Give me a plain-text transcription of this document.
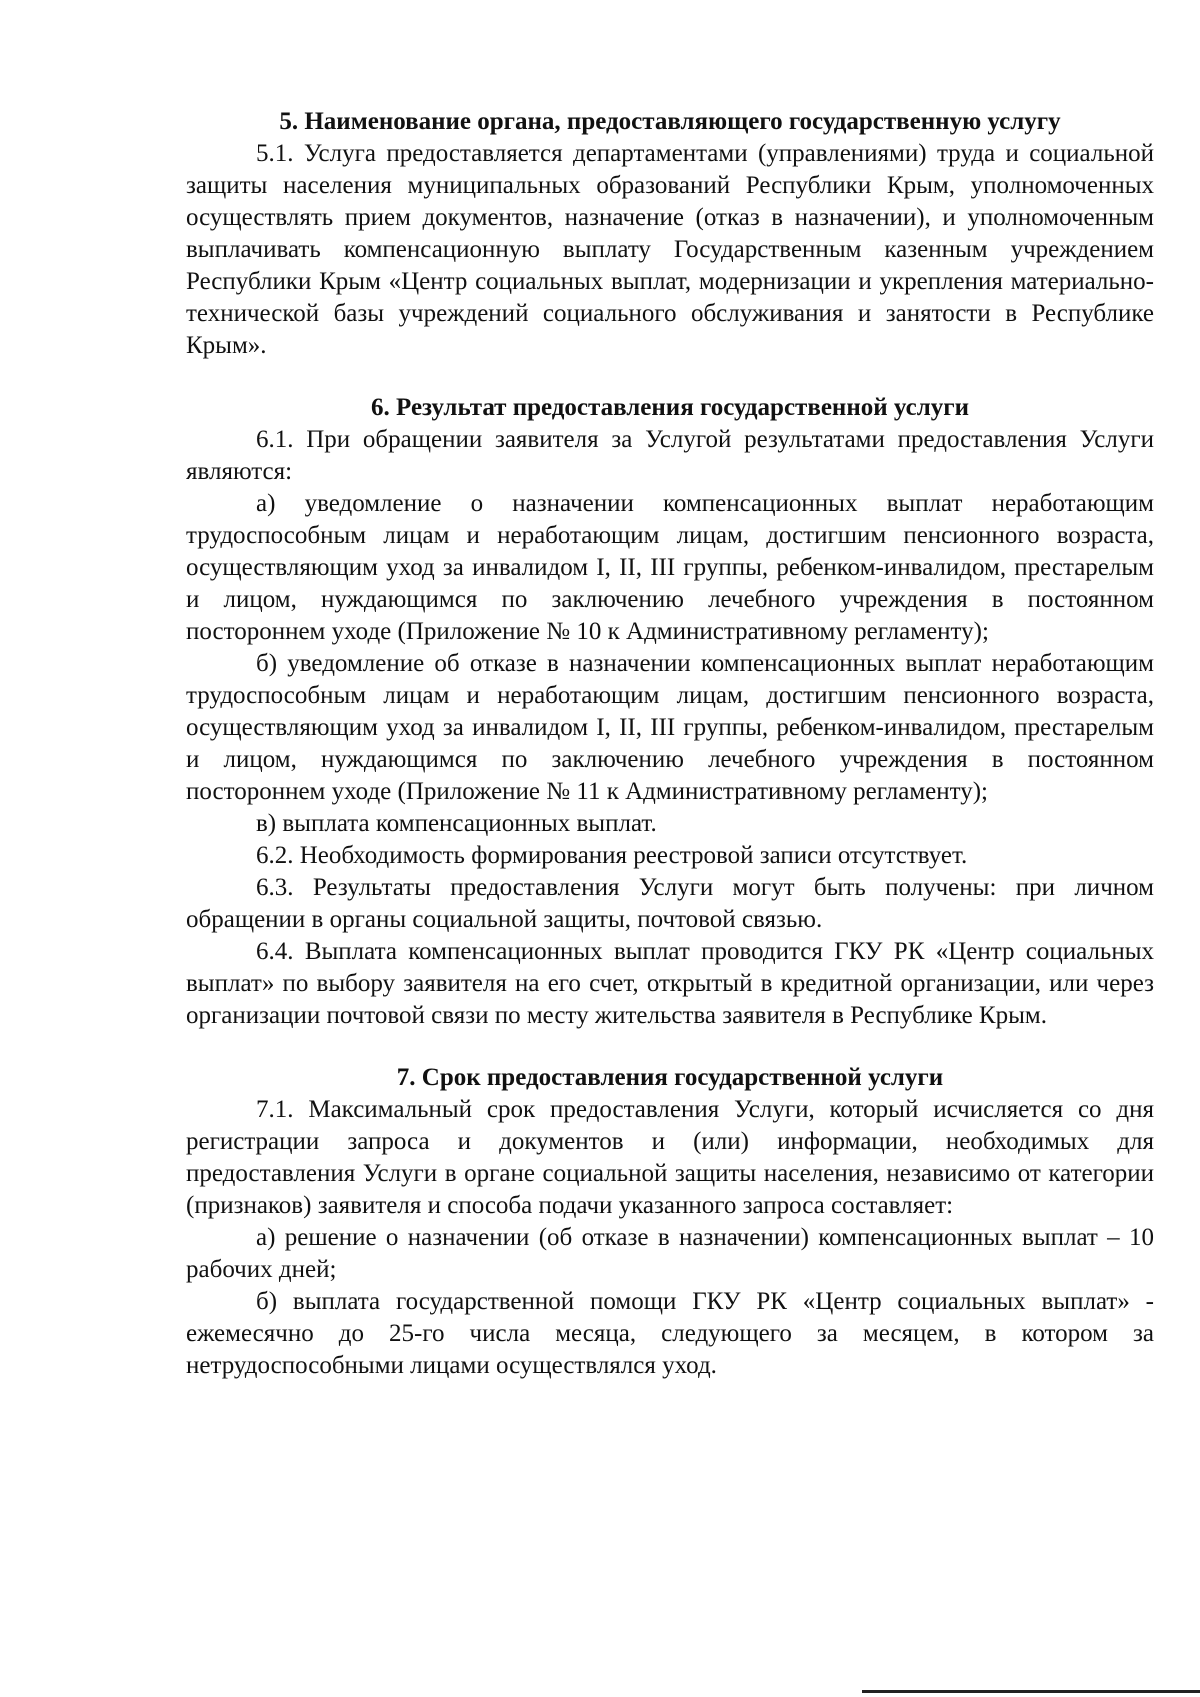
5. Наименование органа, предоставляющего государственную услугу

5.1. Услуга предоставляется департаментами (управлениями) труда и социальной защиты населения муниципальных образований Республики Крым, уполномоченных осуществлять прием документов, назначение (отказ в назначении), и уполномоченным выплачивать компенсационную выплату Государственным казенным учреждением Республики Крым «Центр социальных выплат, модернизации и укрепления материально-технической базы учреждений социального обслуживания и занятости в Республике Крым».

6. Результат предоставления государственной услуги

6.1. При обращении заявителя за Услугой результатами предоставления Услуги являются:

а) уведомление о назначении компенсационных выплат неработающим трудоспособным лицам и неработающим лицам, достигшим пенсионного возраста, осуществляющим уход за инвалидом I, II, III группы, ребенком-инвалидом, престарелым и лицом, нуждающимся по заключению лечебного учреждения в постоянном постороннем уходе (Приложение № 10 к Административному регламенту);

б) уведомление об отказе в назначении компенсационных выплат неработающим трудоспособным лицам и неработающим лицам, достигшим пенсионного возраста, осуществляющим уход за инвалидом I, II, III группы, ребенком-инвалидом, престарелым и лицом, нуждающимся по заключению лечебного учреждения в постоянном постороннем уходе (Приложение № 11 к Административному регламенту);

в) выплата компенсационных выплат.

6.2. Необходимость формирования реестровой записи отсутствует.

6.3. Результаты предоставления Услуги могут быть получены: при личном обращении в органы социальной защиты, почтовой связью.

6.4. Выплата компенсационных выплат проводится ГКУ РК «Центр социальных выплат» по выбору заявителя на его счет, открытый в кредитной организации, или через организации почтовой связи по месту жительства заявителя в Республике Крым.

7. Срок предоставления государственной услуги

7.1. Максимальный срок предоставления Услуги, который исчисляется со дня регистрации запроса и документов и (или) информации, необходимых для предоставления Услуги в органе социальной защиты населения, независимо от категории (признаков) заявителя и способа подачи указанного запроса составляет:

а) решение о назначении (об отказе в назначении) компенсационных выплат – 10 рабочих дней;

б) выплата государственной помощи ГКУ РК «Центр социальных выплат» - ежемесячно до 25-го числа месяца, следующего за месяцем, в котором за нетрудоспособными лицами осуществлялся уход.
